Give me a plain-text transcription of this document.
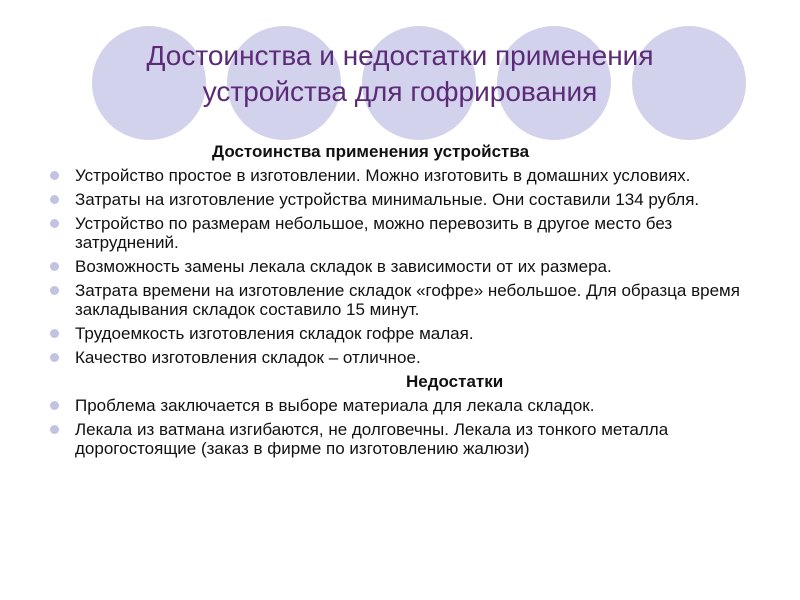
Достоинства и недостатки применения
устройства для гофрирования
Достоинства применения устройства
Устройство простое в изготовлении. Можно изготовить в домашних условиях.
Затраты на изготовление устройства минимальные. Они составили 134 рубля.
Устройство по размерам небольшое, можно перевозить в другое место без затруднений.
Возможность замены лекала складок в зависимости от их размера.
Затрата времени на изготовление складок «гофре» небольшое. Для образца время закладывания складок составило 15 минут.
Трудоемкость изготовления складок гофре малая.
Качество изготовления складок – отличное.
Недостатки
Проблема заключается в выборе материала для лекала складок.
Лекала из ватмана изгибаются, не долговечны. Лекала из тонкого металла дорогостоящие (заказ в фирме по изготовлению жалюзи)
